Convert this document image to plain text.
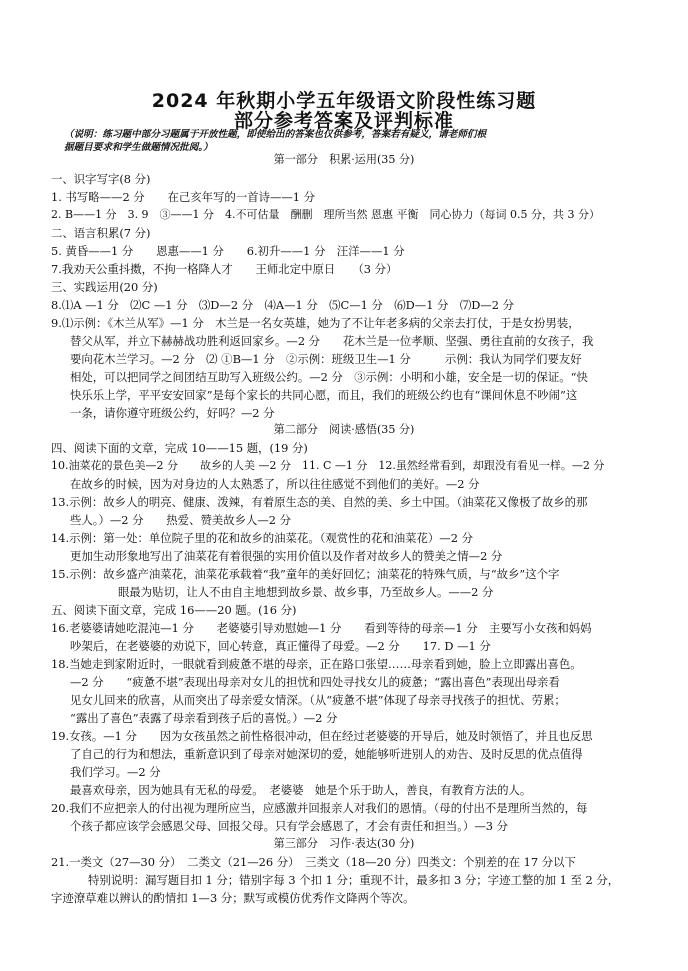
2024 年秋期小学五年级语文阶段性练习题
部分参考答案及评判标准
（说明：练习题中部分习题属于开放性题，即使给出的答案也仅供参考，答案若有疑义，请老师们根
据题目要求和学生做题情况批阅。）
第一部分　积累·运用(35 分)
一、识字写字(8 分)
1. 书写略——2 分　　在己亥年写的一首诗——1 分
2. B——1 分　3. 9　③——1 分　4.不可估量　酬删　理所当然 恩惠 平衡　同心协力（每词 0.5 分，共 3 分）
二、语言积累(7 分)
5. 黄昏——1 分　　恩惠——1 分　　6.初升——1 分　汪洋——1 分
7.我劝天公重抖擞，不拘一格降人才　　王师北定中原日　　（3 分）
三、实践运用(20 分)
8.⑴A —1 分　⑵C —1 分　⑶D—2 分　⑷A—1 分　⑸C—1 分　⑹D—1 分　⑺D—2 分
9.⑴示例：《木兰从军》—1 分　木兰是一名女英雄，她为了不让年老多病的父亲去打仗，于是女扮男装，
替父从军，并立下赫赫战功胜利返回家乡。—2 分　　花木兰是一位孝顺、坚强、勇往直前的女孩子，我
要向花木兰学习。—2 分　⑵ ①B—1 分　②示例：班级卫生—1 分　　　示例：我认为同学们要友好
相处，可以把同学之间团结互助写入班级公约。—2 分　③示例：小明和小雄，安全是一切的保证。“快
快乐乐上学，平平安安回家”是每个家长的共同心愿，而且，我们的班级公约也有“课间休息不吵闹”这
一条，请你遵守班级公约，好吗？—2 分
第二部分　阅读·感悟(35 分)
四、阅读下面的文章，完成 10——15 题，(19 分)
10.油菜花的景色美—2 分　　故乡的人美 —2 分　11. C —1 分　12.虽然经常看到，却跟没有看见一样。—2 分
在故乡的时候，因为对身边的人太熟悉了，所以往往感觉不到他们的美好。—2 分
13.示例：故乡人的明亮、健康、泼辣，有着原生态的美、自然的美、乡土中国。（油菜花又像极了故乡的那
些人。）—2 分　　热爱、赞美故乡人—2 分
14.示例：第一处：单位院子里的花和故乡的油菜花。（观赏性的花和油菜花）—2 分
更加生动形象地写出了油菜花有着很强的实用价值以及作者对故乡人的赞美之情—2 分
15.示例：故乡盛产油菜花，油菜花承载着“我”童年的美好回忆；油菜花的特殊气质，与“故乡”这个字
眼最为贴切，让人不由自主地想到故乡景、故乡事，乃至故乡人。——2 分
五、阅读下面文章，完成 16——20 题。(16 分)
16.老婆婆请她吃混沌—1 分　　老婆婆引导劝慰她—1 分　　看到等待的母亲—1 分　主要写小女孩和妈妈
吵架后，在老婆婆的劝说下，回心转意，真正懂得了母爱。—2 分　　17. D —1 分
18.当她走到家附近时，一眼就看到疲惫不堪的母亲，正在路口张望……母亲看到她，脸上立即露出喜色。
—2 分　　“疲惫不堪”表现出母亲对女儿的担忧和四处寻找女儿的疲惫；“露出喜色”表现出母亲看
见女儿回来的欣喜，从而突出了母亲爱女情深。（从“疲惫不堪”体现了母亲寻找孩子的担忧、劳累；
“露出了喜色”表露了母亲看到孩子后的喜悦。）—2 分
19.女孩。—1 分　　因为女孩虽然之前性格很冲动，但在经过老婆婆的开导后，她及时领悟了，并且也反思
了自己的行为和想法，重新意识到了母亲对她深切的爱，她能够听进别人的劝告、及时反思的优点值得
我们学习。—2 分
最喜欢母亲，因为她具有无私的母爱。　老婆婆　她是个乐于助人，善良，有教育方法的人。
20.我们不应把亲人的付出视为理所应当，应感激并回报亲人对我们的恩情。（母的付出不是理所当然的，每
个孩子都应该学会感恩父母、回报父母。只有学会感恩了，才会有责任和担当。）—3 分
第三部分　习作·表达(30 分)
21.一类文（27—30 分）　二类文（21—26 分）　三类文（18—20 分）四类文：个别差的在 17 分以下
特别说明：漏写题目扣 1 分；错别字每 3 个扣 1 分；重现不计，最多扣 3 分；字迹工整的加 1 至 2 分，
字迹潦草难以辨认的酌情扣 1—3 分；默写或模仿优秀作文降两个等次。
